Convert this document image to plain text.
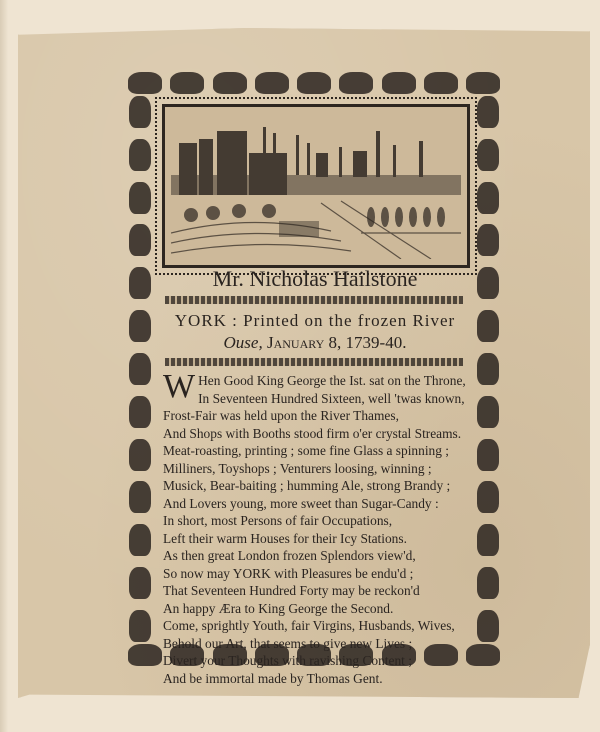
Mr. Nicholas Hailstone
YORK : Printed on the frozen River
Ouse, January 8, 1739-40.
W Hen Good King George the Ist. sat on the Throne,
In Seventeen Hundred Sixteen, well 'twas known,
Frost-Fair was held upon the River Thames,
And Shops with Booths stood firm o'er crystal Streams.
Meat-roasting, printing ; some fine Glass a spinning ;
Milliners, Toyshops ; Venturers loosing, winning ;
Musick, Bear-baiting ; humming Ale, strong Brandy ;
And Lovers young, more sweet than Sugar-Candy :
In short, most Persons of fair Occupations,
Left their warm Houses for their Icy Stations.
As then great London frozen Splendors view'd,
So now may YORK with Pleasures be endu'd ;
That Seventeen Hundred Forty may be reckon'd
An happy Æra to King George the Second.
Come, sprightly Youth, fair Virgins, Husbands, Wives,
Behold our Art, that seems to give new Lives ;
Divert your Thoughts with ravishing Content ;
And be immortal made by Thomas Gent.
